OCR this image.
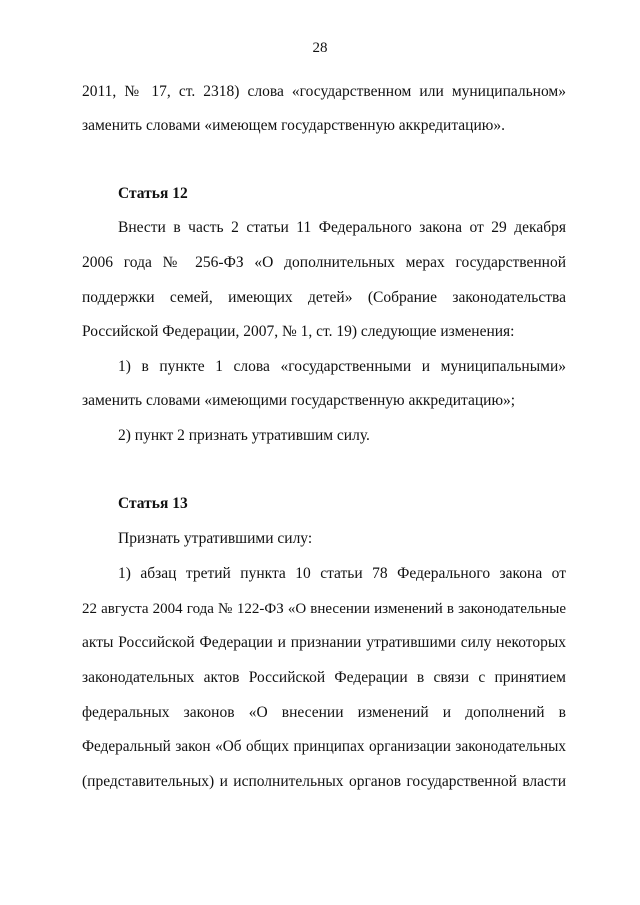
28
2011, № 17, ст. 2318) слова «государственном или муниципальном»
заменить словами «имеющем государственную аккредитацию».
Статья 12
Внести в часть 2 статьи 11 Федерального закона от 29 декабря
2006 года № 256-ФЗ «О дополнительных мерах государственной
поддержки семей, имеющих детей» (Собрание законодательства
Российской Федерации, 2007, № 1, ст. 19) следующие изменения:
1) в пункте 1 слова «государственными и муниципальными»
заменить словами «имеющими государственную аккредитацию»;
2) пункт 2 признать утратившим силу.
Статья 13
Признать утратившими силу:
1) абзац третий пункта 10 статьи 78 Федерального закона от
22 августа 2004 года № 122-ФЗ «О внесении изменений в законодательные
акты Российской Федерации и признании утратившими силу некоторых
законодательных актов Российской Федерации в связи с принятием
федеральных законов «О внесении изменений и дополнений в
Федеральный закон «Об общих принципах организации законодательных
(представительных) и исполнительных органов государственной власти
